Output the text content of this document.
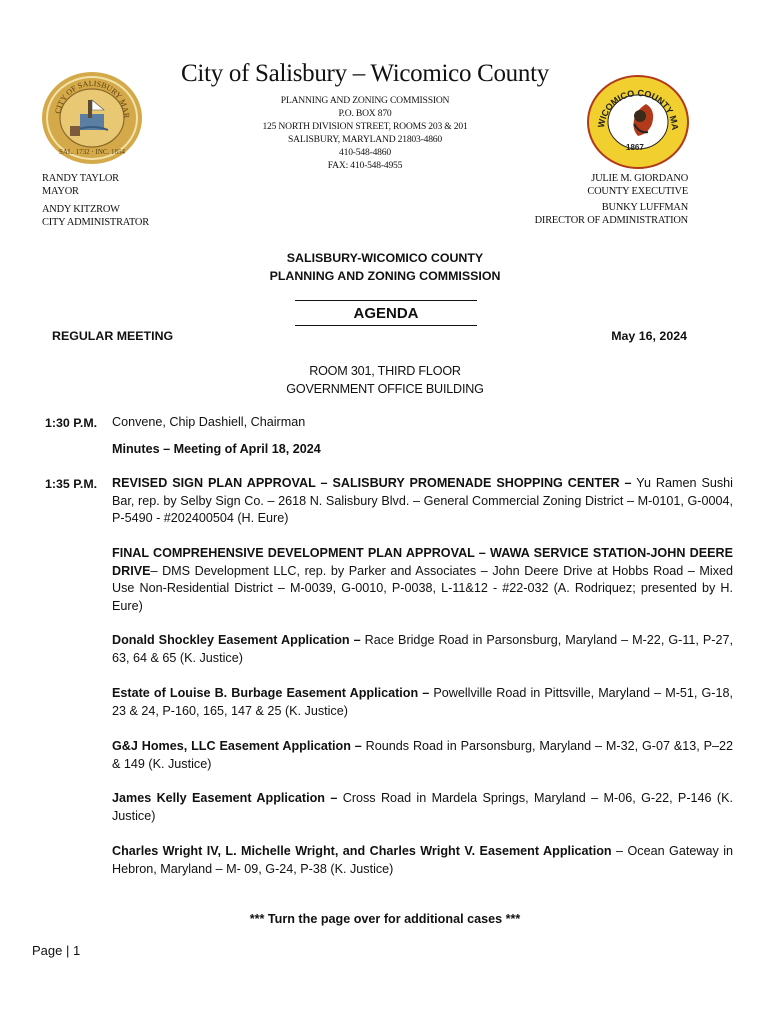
CITY OF SALISBURY MAR
SAL. 1732 · INC. 1854
City of Salisbury – Wicomico County
PLANNING AND ZONING COMMISSION
P.O. BOX 870
125 NORTH DIVISION STREET, ROOMS 203 & 201
SALISBURY, MARYLAND 21803-4860
410-548-4860
FAX: 410-548-4955
WICOMICO COUNTY MA
1867
RANDY TAYLOR
MAYOR
ANDY KITZROW
CITY ADMINISTRATOR
JULIE M. GIORDANO
COUNTY EXECUTIVE
BUNKY LUFFMAN
DIRECTOR OF ADMINISTRATION
SALISBURY-WICOMICO COUNTY
PLANNING AND ZONING COMMISSION
AGENDA
REGULAR MEETING	May 16, 2024
ROOM 301, THIRD FLOOR
GOVERNMENT OFFICE BUILDING
1:30 P.M. Convene, Chip Dashiell, Chairman
Minutes – Meeting of April 18, 2024
1:35 P.M. REVISED SIGN PLAN APPROVAL – SALISBURY PROMENADE SHOPPING CENTER – Yu Ramen Sushi Bar, rep. by Selby Sign Co. – 2618 N. Salisbury Blvd. – General Commercial Zoning District – M-0101, G-0004, P-5490 - #202400504 (H. Eure)
FINAL COMPREHENSIVE DEVELOPMENT PLAN APPROVAL – WAWA SERVICE STATION-JOHN DEERE DRIVE– DMS Development LLC, rep. by Parker and Associates – John Deere Drive at Hobbs Road – Mixed Use Non-Residential District – M-0039, G-0010, P-0038, L-11&12 - #22-032 (A. Rodriquez; presented by H. Eure)
Donald Shockley Easement Application – Race Bridge Road in Parsonsburg, Maryland – M-22, G-11, P-27, 63, 64 & 65 (K. Justice)
Estate of Louise B. Burbage Easement Application – Powellville Road in Pittsville, Maryland – M-51, G-18, 23 & 24, P-160, 165, 147 & 25 (K. Justice)
G&J Homes, LLC Easement Application – Rounds Road in Parsonsburg, Maryland – M-32, G-07 &13, P–22 & 149 (K. Justice)
James Kelly Easement Application – Cross Road in Mardela Springs, Maryland – M-06, G-22, P-146 (K. Justice)
Charles Wright IV, L. Michelle Wright, and Charles Wright V. Easement Application – Ocean Gateway in Hebron, Maryland – M- 09, G-24, P-38 (K. Justice)
*** Turn the page over for additional cases ***
Page | 1
